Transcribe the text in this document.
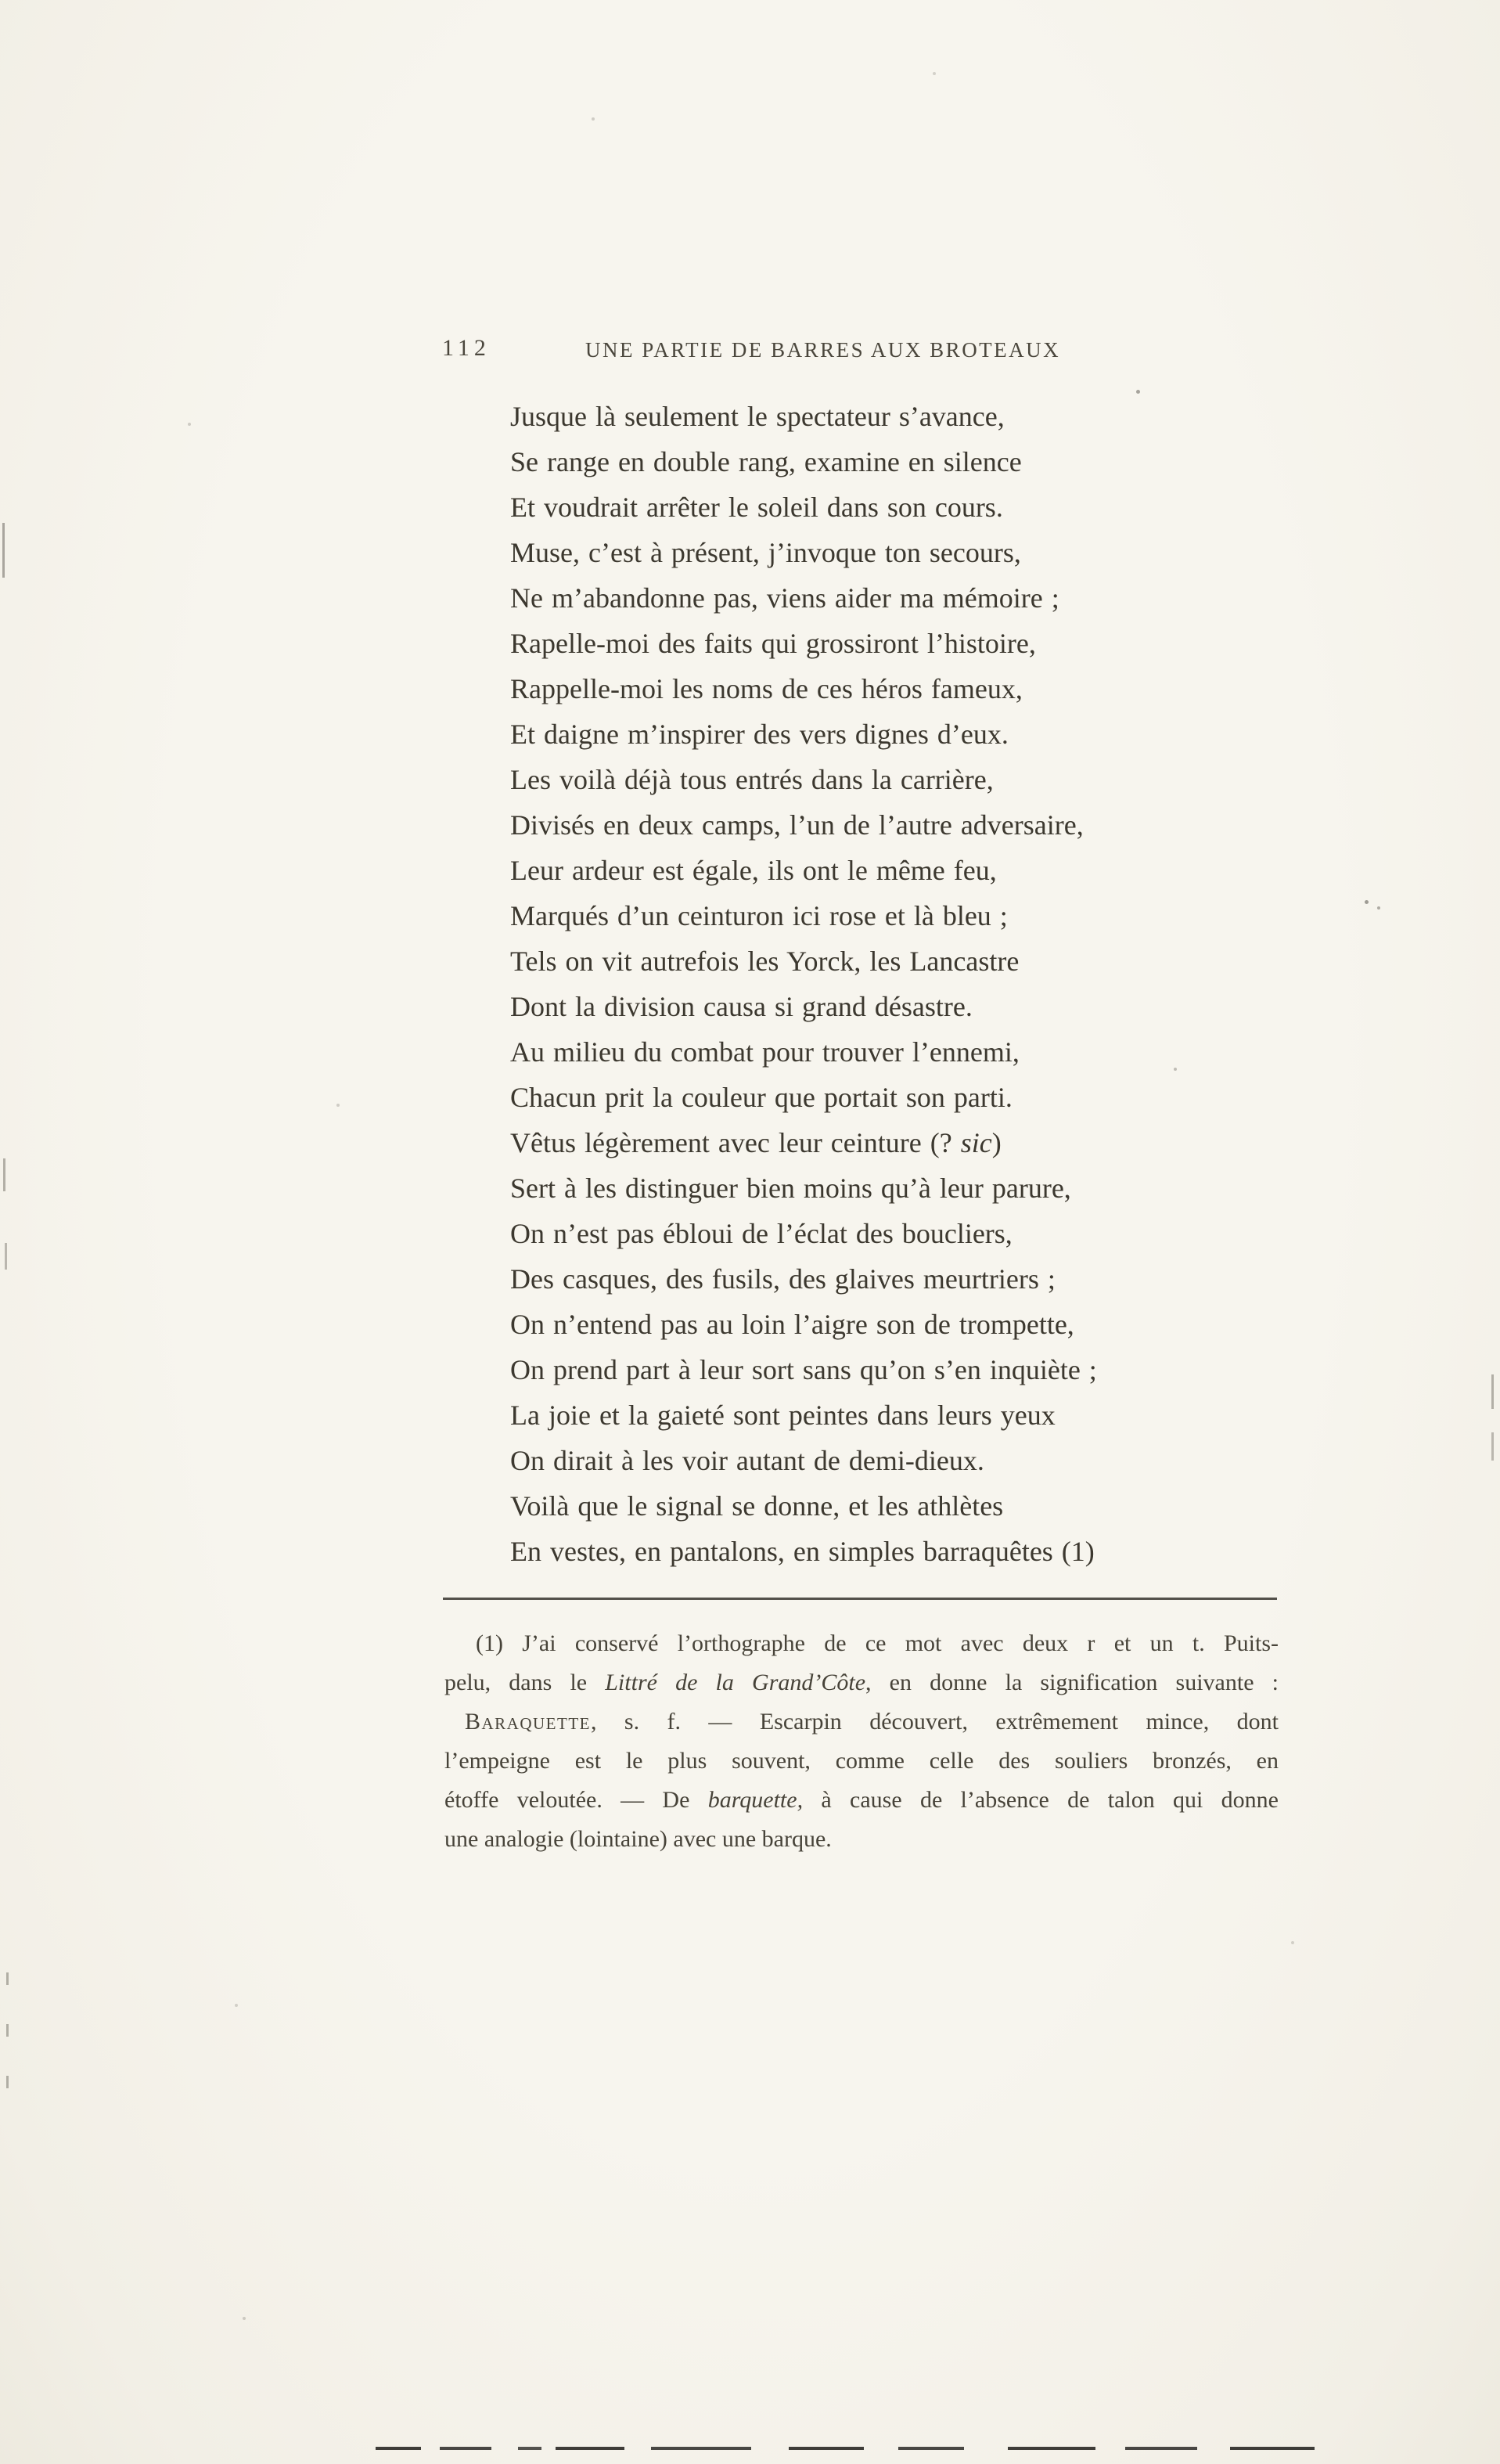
112	UNE PARTIE DE BARRES AUX BROTEAUX
Jusque là seulement le spectateur s’avance,
Se range en double rang, examine en silence
Et voudrait arrêter le soleil dans son cours.
Muse, c’est à présent, j’invoque ton secours,
Ne m’abandonne pas, viens aider ma mémoire ;
Rapelle-moi des faits qui grossiront l’histoire,
Rappelle-moi les noms de ces héros fameux,
Et daigne m’inspirer des vers dignes d’eux.
Les voilà déjà tous entrés dans la carrière,
Divisés en deux camps, l’un de l’autre adversaire,
Leur ardeur est égale, ils ont le même feu,
Marqués d’un ceinturon ici rose et là bleu ;
Tels on vit autrefois les Yorck, les Lancastre
Dont la division causa si grand désastre.
Au milieu du combat pour trouver l’ennemi,
Chacun prit la couleur que portait son parti.
Vêtus légèrement avec leur ceinture (? sic)
Sert à les distinguer bien moins qu’à leur parure,
On n’est pas ébloui de l’éclat des boucliers,
Des casques, des fusils, des glaives meurtriers ;
On n’entend pas au loin l’aigre son de trompette,
On prend part à leur sort sans qu’on s’en inquiète ;
La joie et la gaieté sont peintes dans leurs yeux
On dirait à les voir autant de demi-dieux.
Voilà que le signal se donne, et les athlètes
En vestes, en pantalons, en simples barraquêtes (1)
(1) J’ai conservé l’orthographe de ce mot avec deux r et un t. Puits-
pelu, dans le Littré de la Grand’Côte, en donne la signification suivante :
Baraquette, s. f. — Escarpin découvert, extrêmement mince, dont
l’empeigne est le plus souvent, comme celle des souliers bronzés, en
étoffe veloutée. — De barquette, à cause de l’absence de talon qui donne
une analogie (lointaine) avec une barque.
